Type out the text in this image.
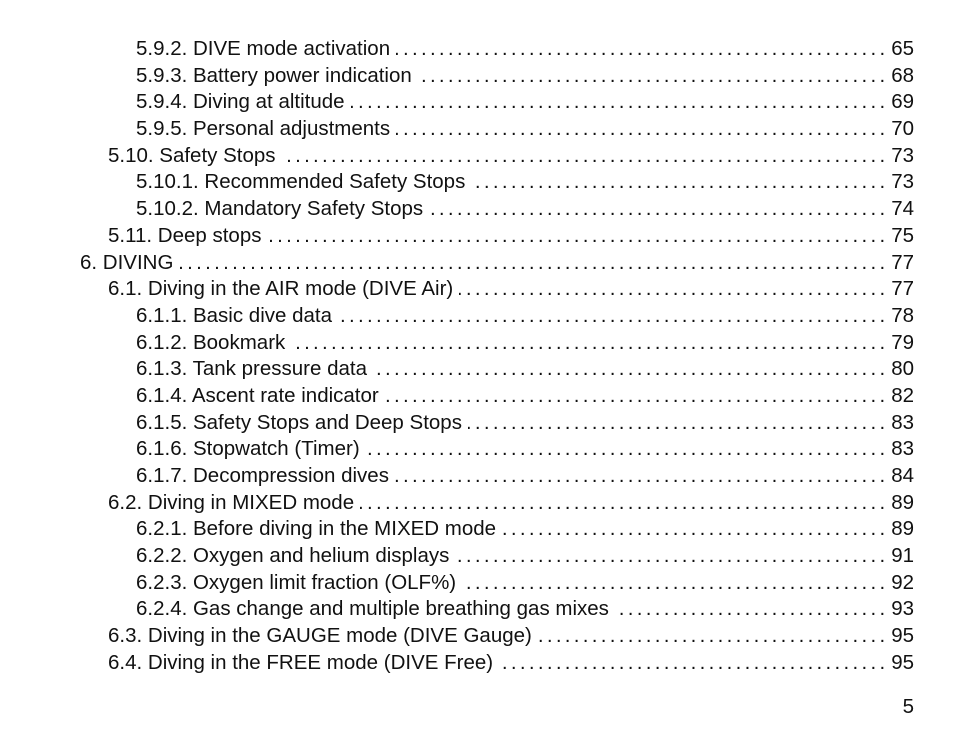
5.9.2. DIVE mode activation . . .	65
5.9.3. Battery power indication . . .	68
5.9.4. Diving at altitude . . .	69
5.9.5. Personal adjustments . . .	70
5.10. Safety Stops . . .	73
5.10.1. Recommended Safety Stops . . .	73
5.10.2. Mandatory Safety Stops . . .	74
5.11. Deep stops . . .	75
6. DIVING . . .	77
6.1. Diving in the AIR mode (DIVE Air) . . .	77
6.1.1. Basic dive data . . .	78
6.1.2. Bookmark . . .	79
6.1.3. Tank pressure data . . .	80
6.1.4. Ascent rate indicator . . .	82
6.1.5. Safety Stops and Deep Stops . . .	83
6.1.6. Stopwatch (Timer) . . .	83
6.1.7. Decompression dives . . .	84
6.2. Diving in MIXED mode . . .	89
6.2.1. Before diving in the MIXED mode . . .	89
6.2.2. Oxygen and helium displays . . .	91
6.2.3. Oxygen limit fraction (OLF%) . . .	92
6.2.4. Gas change and multiple breathing gas mixes . . .	93
6.3. Diving in the GAUGE mode (DIVE Gauge) . . .	95
6.4. Diving in the FREE mode (DIVE Free) . . .	95
5
